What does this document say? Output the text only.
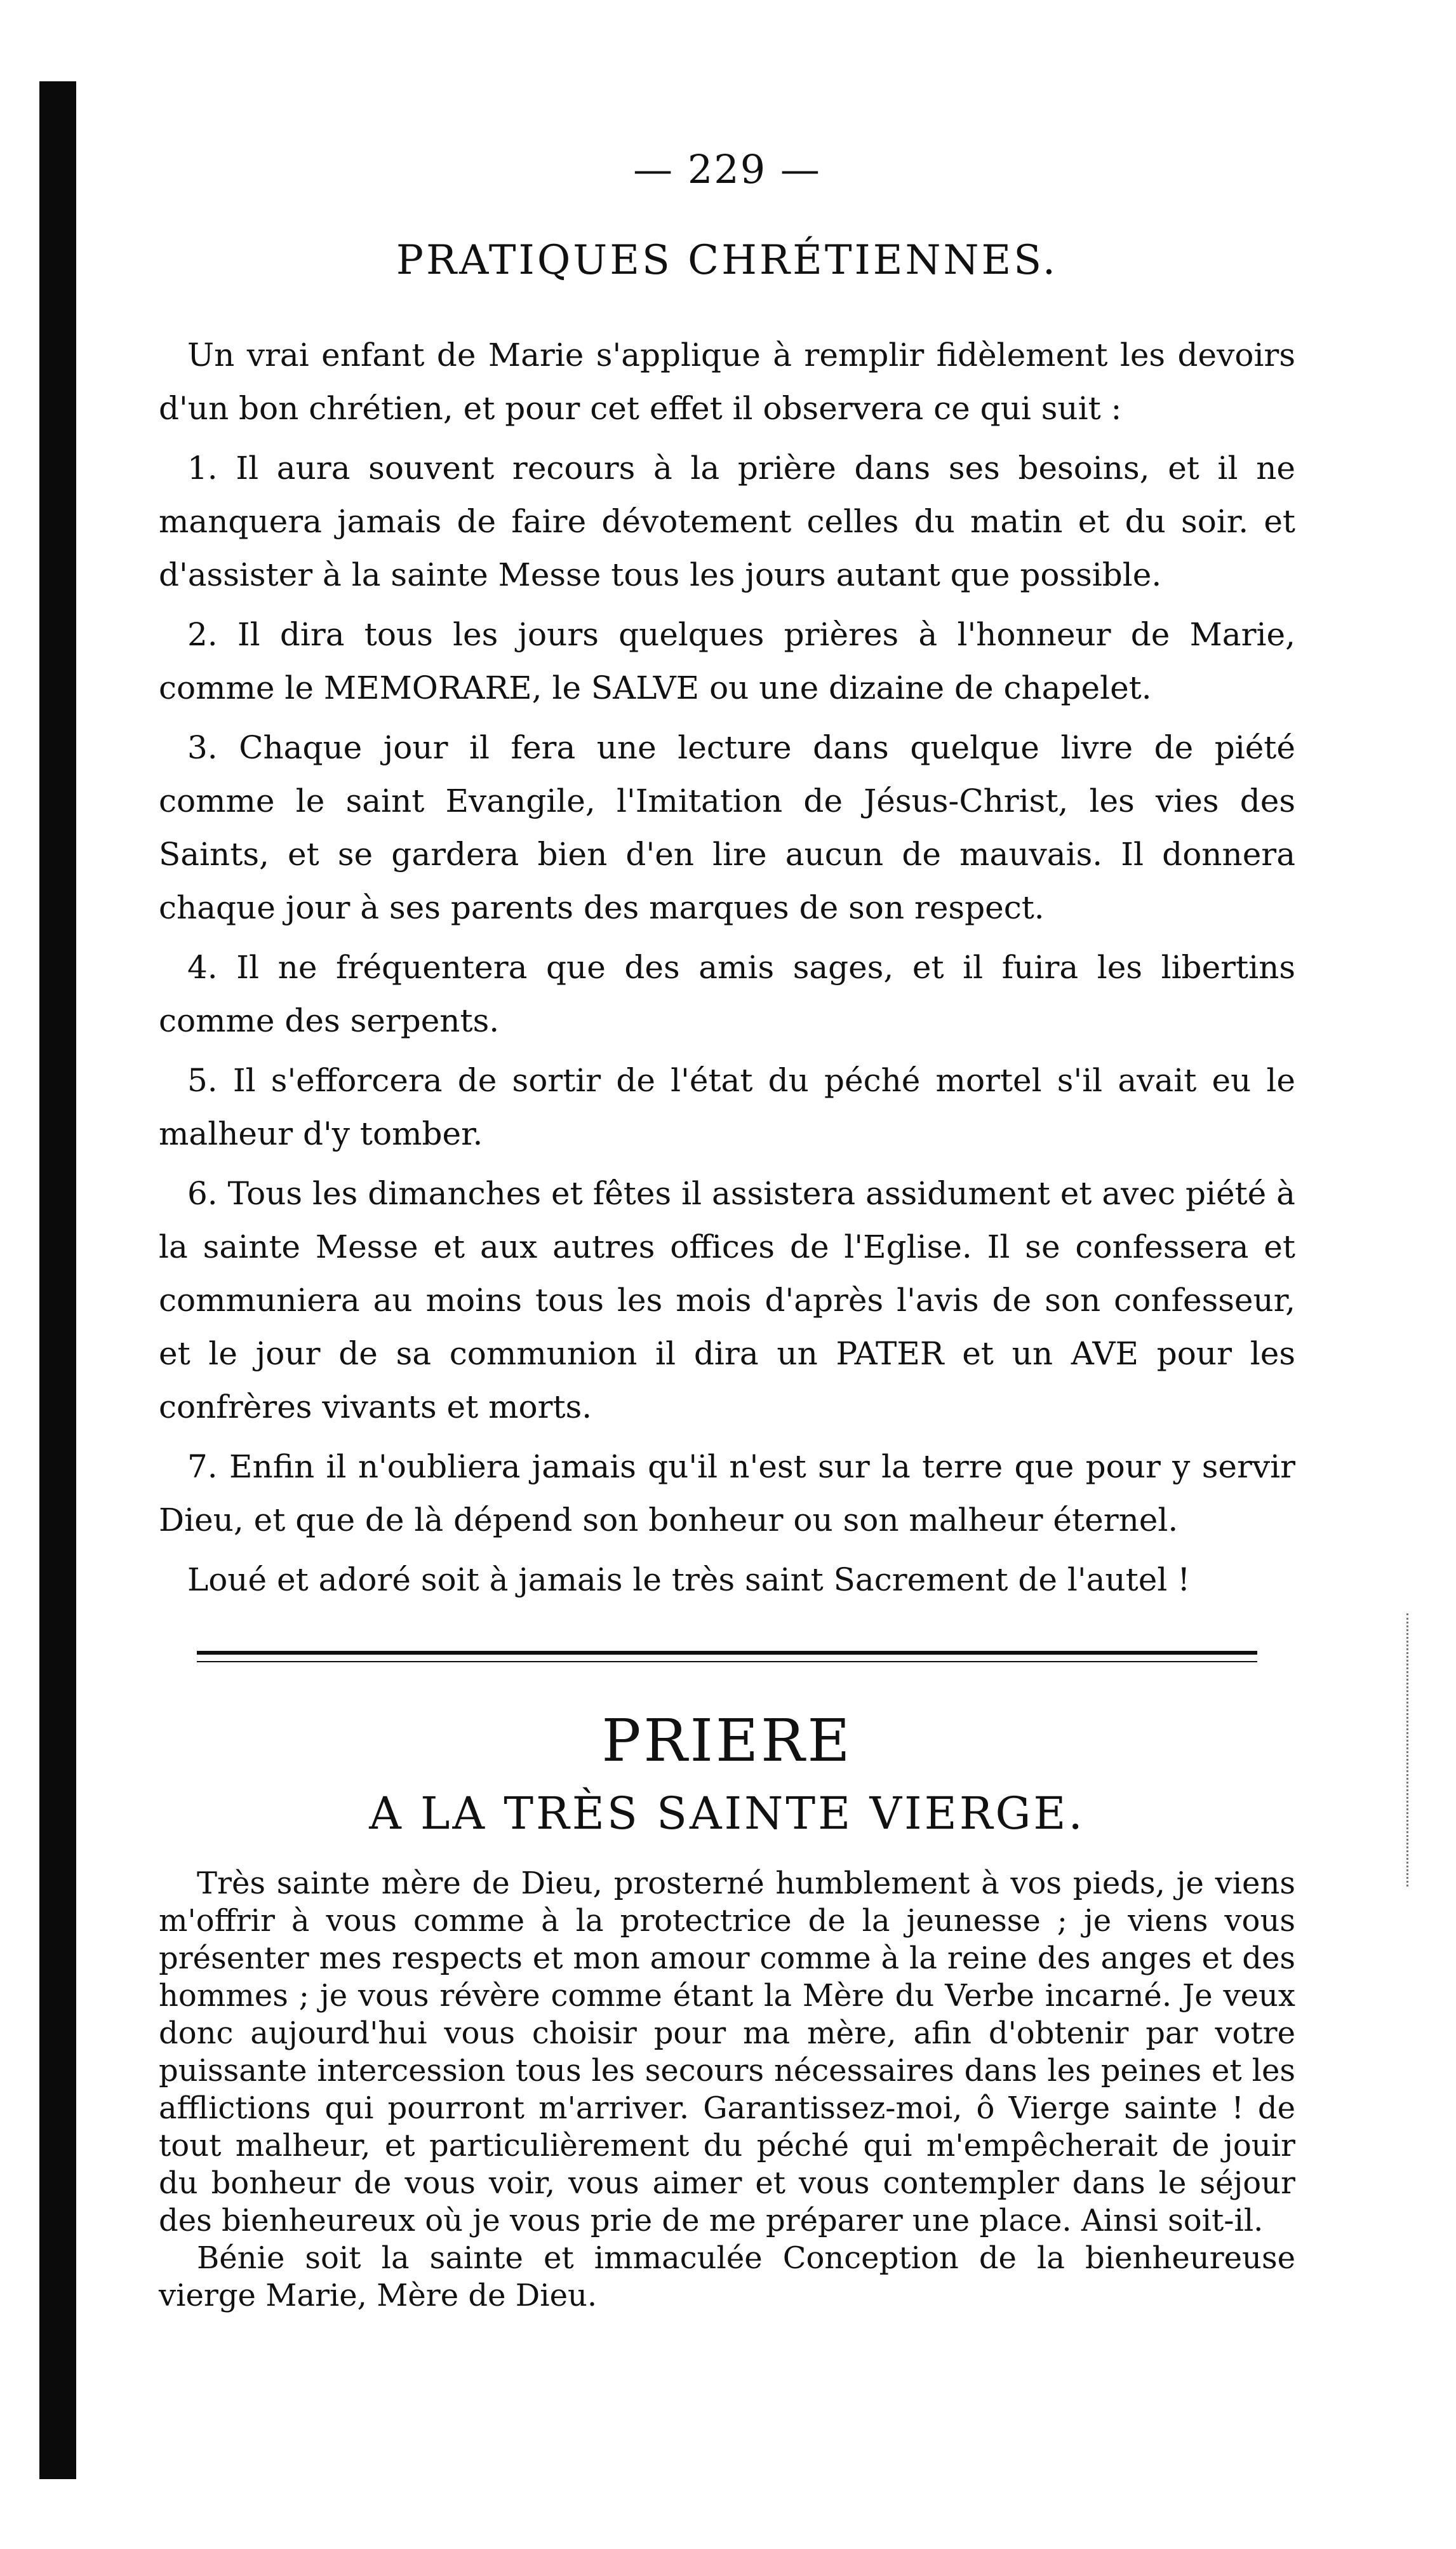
— 229 —
PRATIQUES CHRÉTIENNES.

Un vrai enfant de Marie s'applique à remplir fidèlement les devoirs d'un bon chrétien, et pour cet effet il observera ce qui suit :

1. Il aura souvent recours à la prière dans ses besoins, et il ne manquera jamais de faire dévotement celles du matin et du soir. et d'assister à la sainte Messe tous les jours autant que possible.

2. Il dira tous les jours quelques prières à l'honneur de Marie, comme le MEMORARE, le SALVE ou une dizaine de chapelet.

3. Chaque jour il fera une lecture dans quelque livre de piété comme le saint Evangile, l'Imitation de Jésus-Christ, les vies des Saints, et se gardera bien d'en lire aucun de mauvais. Il donnera chaque jour à ses parents des marques de son respect.

4. Il ne fréquentera que des amis sages, et il fuira les libertins comme des serpents.

5. Il s'efforcera de sortir de l'état du péché mortel s'il avait eu le malheur d'y tomber.

6. Tous les dimanches et fêtes il assistera assidument et avec piété à la sainte Messe et aux autres offices de l'Eglise. Il se confessera et communiera au moins tous les mois d'après l'avis de son confesseur, et le jour de sa communion il dira un PATER et un AVE pour les confrères vivants et morts.

7. Enfin il n'oubliera jamais qu'il n'est sur la terre que pour y servir Dieu, et que de là dépend son bonheur ou son malheur éternel.

Loué et adoré soit à jamais le très saint Sacrement de l'autel !

PRIERE
A LA TRÈS SAINTE VIERGE.

Très sainte mère de Dieu, prosterné humblement à vos pieds, je viens m'offrir à vous comme à la protectrice de la jeunesse ; je viens vous présenter mes respects et mon amour comme à la reine des anges et des hommes ; je vous révère comme étant la Mère du Verbe incarné. Je veux donc aujourd'hui vous choisir pour ma mère, afin d'obtenir par votre puissante intercession tous les secours nécessaires dans les peines et les afflictions qui pourront m'arriver. Garantissez-moi, ô Vierge sainte ! de tout malheur, et particulièrement du péché qui m'empêcherait de jouir du bonheur de vous voir, vous aimer et vous contempler dans le séjour des bienheureux où je vous prie de me préparer une place. Ainsi soit-il.

Bénie soit la sainte et immaculée Conception de la bienheureuse vierge Marie, Mère de Dieu.
